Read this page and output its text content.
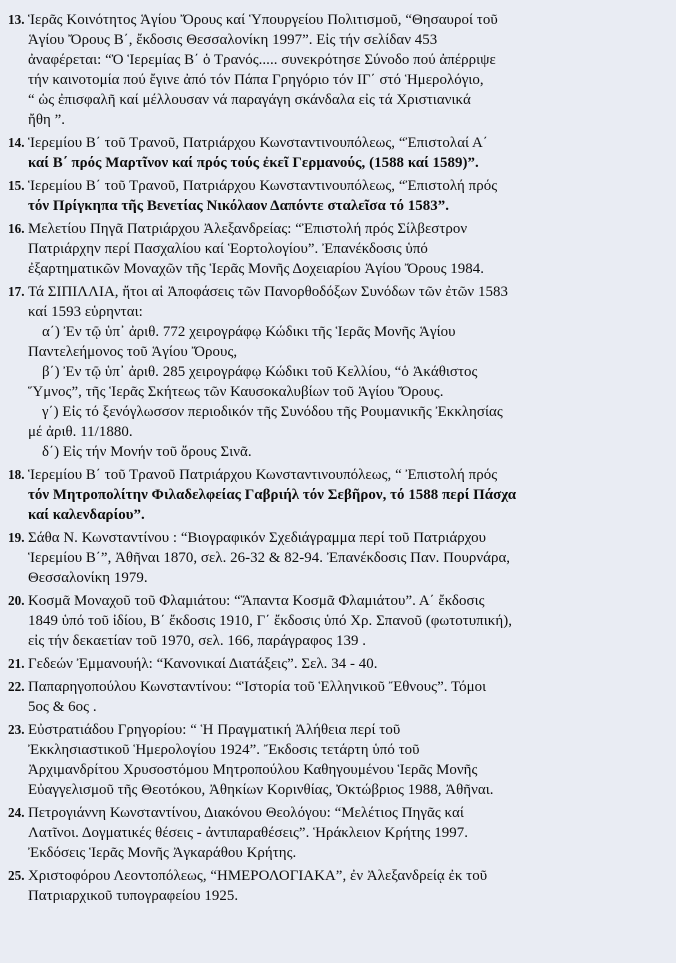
13. Ἱερᾶς Κοινότητος Ἁγίου Ὄρους καί Ὑπουργείου Πολιτισμοῦ, “Θησαυροί τοῦ

Ἁγίου Ὄρους Β΄, ἔκδοσις Θεσσαλονίκη 1997”. Εἰς τήν σελίδαν 453

ἀναφέρεται: “Ὁ Ἱερεμίας Β΄ ὁ Τρανός..... συνεκρότησε Σύνοδο πού ἀπέρριψε

τήν καινοτομία πού ἔγινε ἀπό τόν Πάπα Γρηγόριο τόν ΙΓ΄ στό Ἡμερολόγιο,

“ ὡς ἐπισφαλῆ καί μέλλουσαν νά παραγάγη σκάνδαλα εἰς τά Χριστιανικά

ἤθη ”.

14. Ἱερεμίου Β΄ τοῦ Τρανοῦ, Πατριάρχου Κωνσταντινουπόλεως, “Ἐπιστολαί Α΄

καί Β΄ πρός Μαρτῖνον καί πρός τούς ἐκεῖ Γερμανούς, (1588 καί 1589)”.

15. Ἱερεμίου Β΄ τοῦ Τρανοῦ, Πατριάρχου Κωνσταντινουπόλεως, “Ἐπιστολή πρός

τόν Πρίγκηπα τῆς Βενετίας Νικόλαον Δαπόντε σταλεῖσα τό 1583”.

16. Μελετίου Πηγᾶ Πατριάρχου Ἀλεξανδρείας: “Ἐπιστολή πρός Σίλβεστρον

Πατριάρχην περί Πασχαλίου καί Ἑορτολογίου”. Ἐπανέκδοσις ὑπό

ἐξαρτηματικῶν Μοναχῶν τῆς Ἱερᾶς Μονῆς Δοχειαρίου Ἁγίου Ὄρους 1984.

17. Τά ΣΙΠΙΛΛΙΑ, ἤτοι αἱ Ἀποφάσεις τῶν Πανορθοδόξων Συνόδων τῶν ἐτῶν 1583

καί 1593 εὑρηνται:

α΄) Ἐν τῷ ὑπ᾽ ἀριθ. 772 χειρογράφῳ Κώδικι τῆς Ἱερᾶς Μονῆς Ἁγίου

Παντελεήμονος τοῦ Ἁγίου Ὄρους,

β΄) Ἐν τῷ ὑπ᾽ ἀριθ. 285 χειρογράφῳ Κώδικι τοῦ Κελλίου, “ὁ Ἀκάθιστος

Ὕμνος”, τῆς Ἱερᾶς Σκήτεως τῶν Καυσοκαλυβίων τοῦ Ἁγίου Ὄρους.

γ΄) Εἰς τό ξενόγλωσσον περιοδικόν τῆς Συνόδου τῆς Ρουμανικῆς Ἐκκλησίας

μέ ἀριθ. 11/1880.

δ΄) Εἰς τήν Μονήν τοῦ ὄρους Σινᾶ.

18. Ἱερεμίου Β΄ τοῦ Τρανοῦ Πατριάρχου Κωνσταντινουπόλεως, “ Ἐπιστολή πρός

τόν Μητροπολίτην Φιλαδελφείας Γαβριήλ τόν Σεβῆρον, τό 1588 περί Πάσχα

καί καλενδαρίου”.

19. Σάθα Ν. Κωνσταντίνου : “Βιογραφικόν Σχεδιάγραμμα περί τοῦ Πατριάρχου

Ἱερεμίου Β΄”, Ἀθῆναι 1870, σελ. 26-32 & 82-94. Ἐπανέκδοσις Παν. Πουρνάρα,

Θεσσαλονίκη 1979.

20. Κοσμᾶ Μοναχοῦ τοῦ Φλαμιάτου: “Ἅπαντα Κοσμᾶ Φλαμιάτου”. Α΄ ἔκδοσις

1849 ὑπό τοῦ ἰδίου, Β΄ ἔκδοσις 1910, Γ΄ ἔκδοσις ὑπό Χρ. Σπανοῦ (φωτοτυπική),

εἰς τήν δεκαετίαν τοῦ 1970, σελ. 166, παράγραφος 139 .

21. Γεδεών Ἐμμανουήλ: “Κανονικαί Διατάξεις”. Σελ. 34 - 40.

22. Παπαρηγοπούλου Κωνσταντίνου: “Ἱστορία τοῦ Ἑλληνικοῦ Ἔθνους”. Τόμοι

5ος & 6ος .

23. Εὐστρατιάδου Γρηγορίου: “ Ἡ Πραγματική Ἀλήθεια περί τοῦ

Ἐκκλησιαστικοῦ Ἡμερολογίου 1924”. Ἔκδοσις τετάρτη ὑπό τοῦ

Ἀρχιμανδρίτου Χρυσοστόμου Μητροπούλου Καθηγουμένου Ἱερᾶς Μονῆς

Εὐαγγελισμοῦ τῆς Θεοτόκου, Ἀθηκίων Κορινθίας, Ὀκτώβριος 1988, Ἀθῆναι.

24. Πετρογιάννη Κωνσταντίνου, Διακόνου Θεολόγου: “Μελέτιος Πηγᾶς καί

Λατῖνοι. Δογματικές θέσεις - ἀντιπαραθέσεις”. Ἡράκλειον Κρήτης 1997.

Ἐκδόσεις Ἱερᾶς Μονῆς Ἀγκαράθου Κρήτης.

25. Χριστοφόρου Λεοντοπόλεως, “ΗΜΕΡΟΛΟΓΙΑΚΑ”, ἐν Ἀλεξανδρείᾳ ἐκ τοῦ

Πατριαρχικοῦ τυπογραφείου 1925.
